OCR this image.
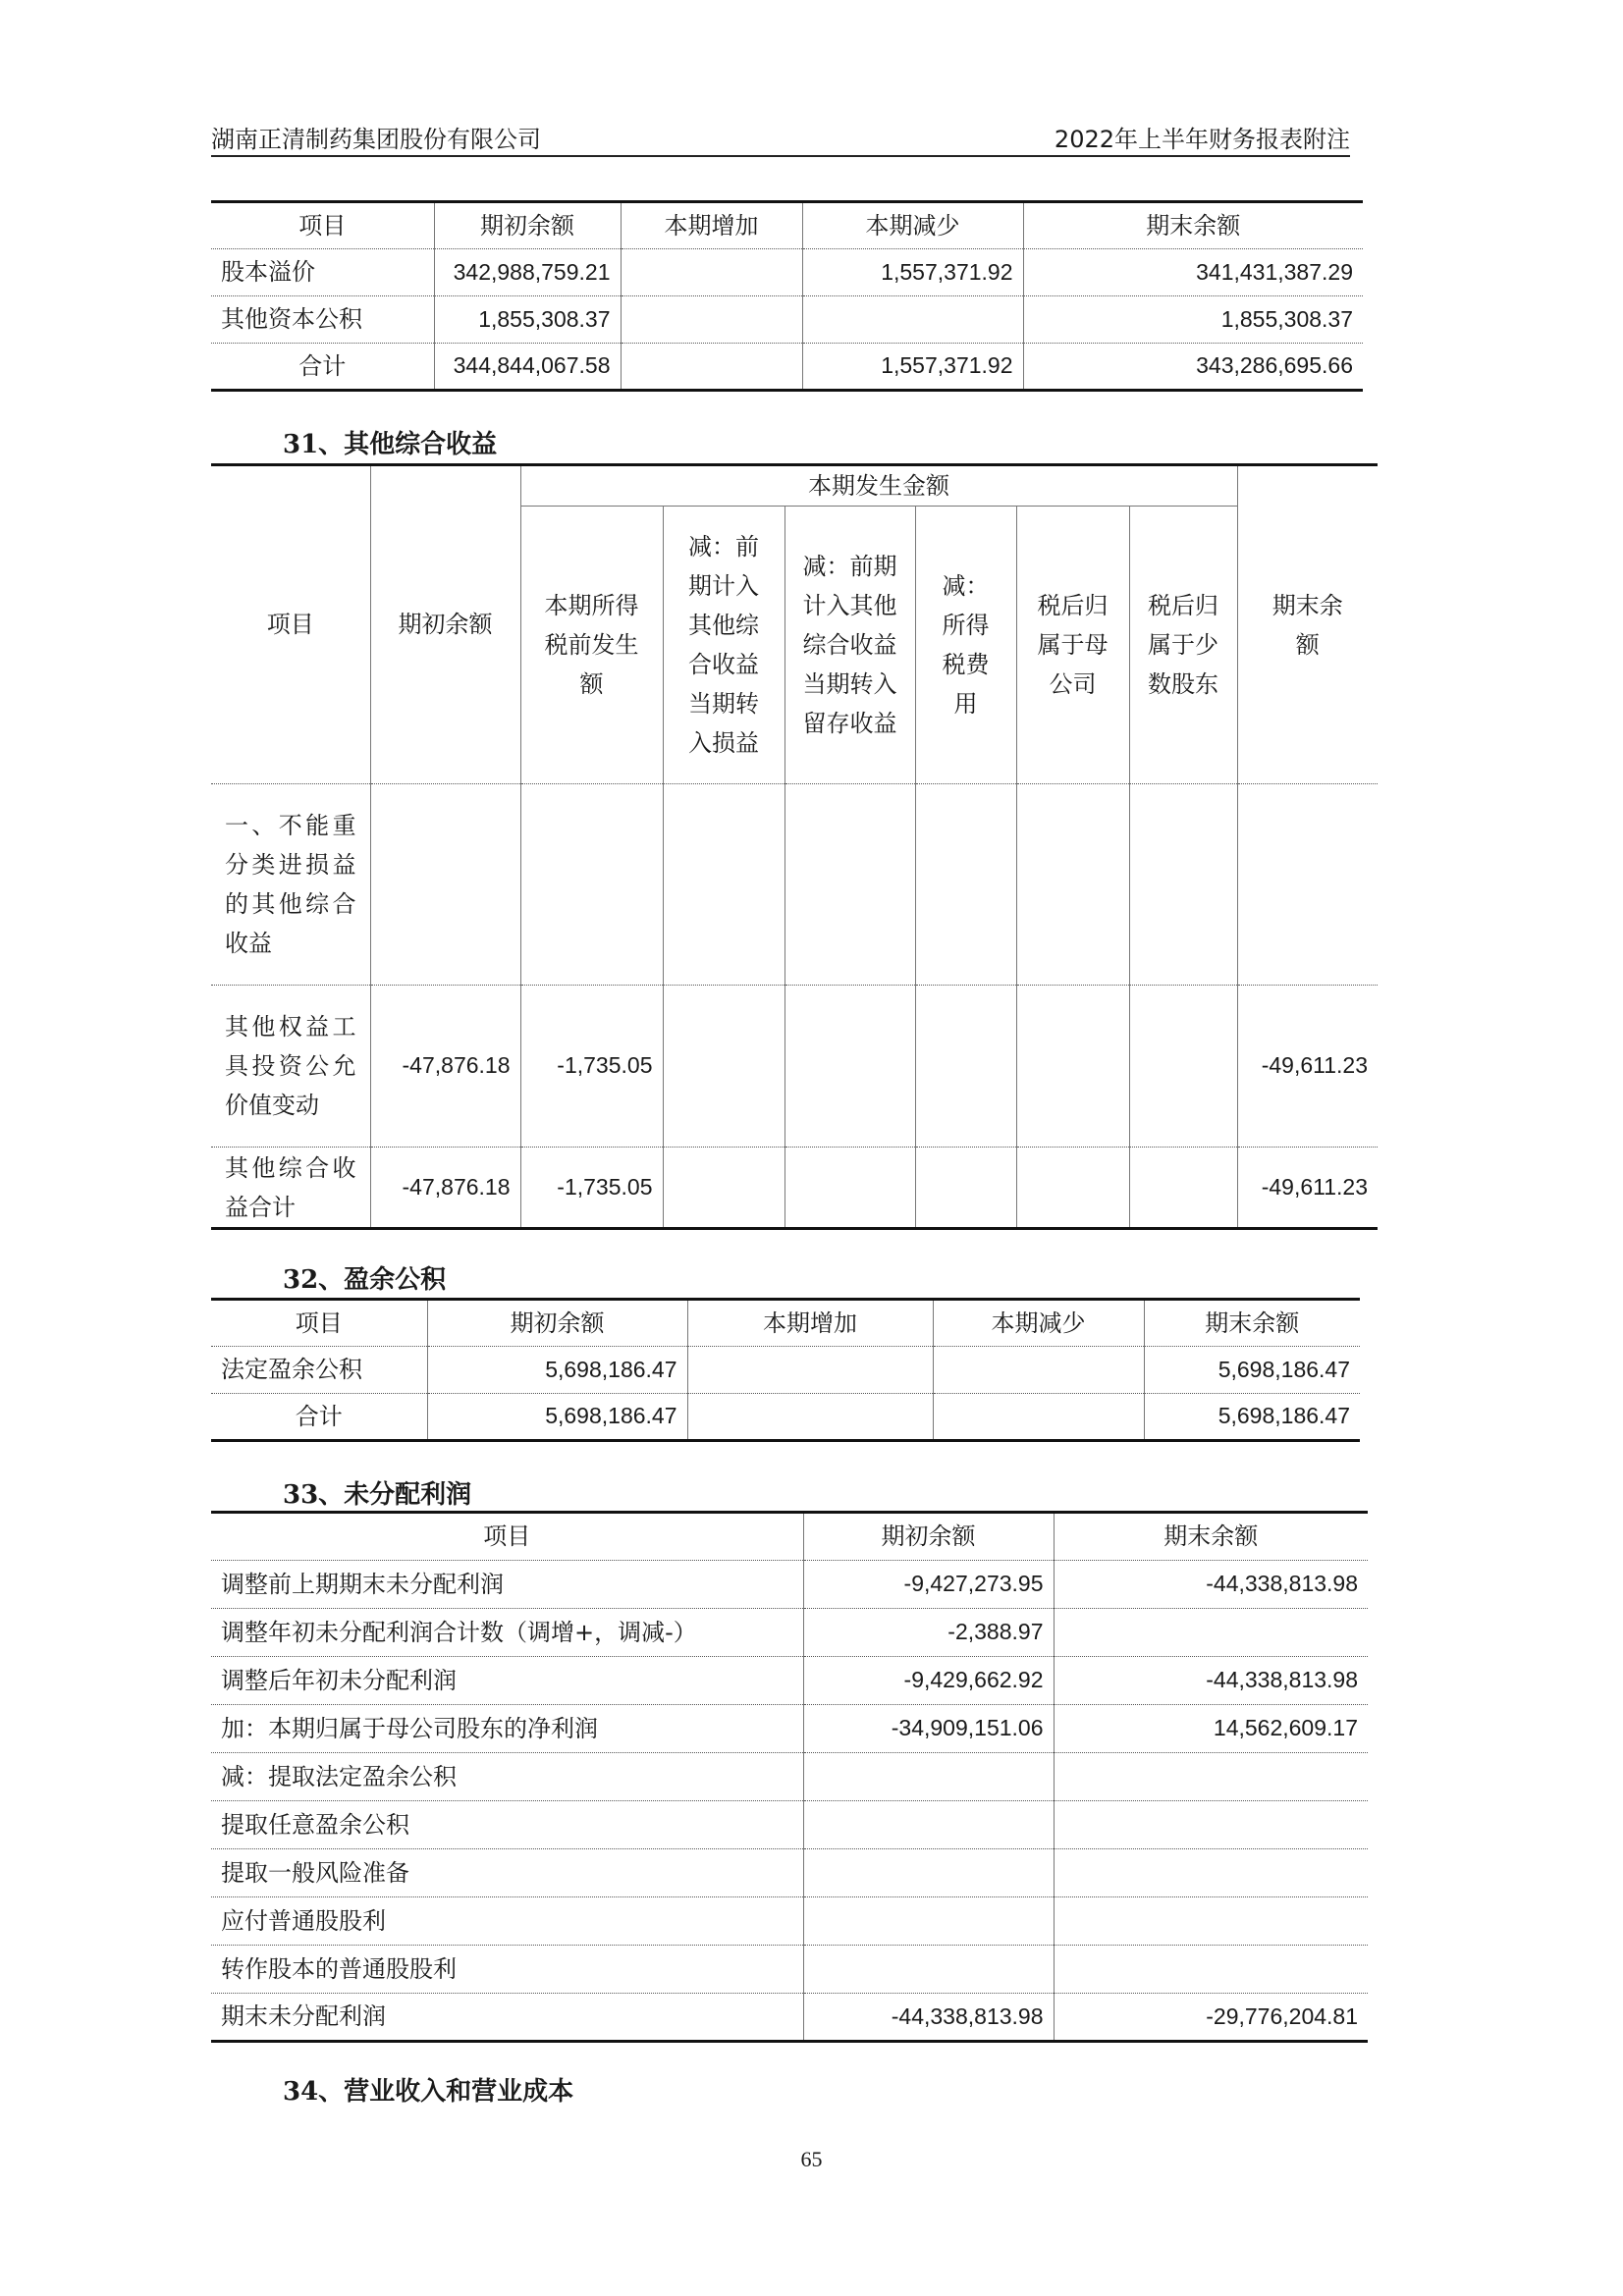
湖南正清制药集团股份有限公司	2022年上半年财务报表附注
项目	期初余额	本期增加	本期减少	期末余额
股本溢价	342,988,759.21		1,557,371.92	341,431,387.29
其他资本公积	1,855,308.37			1,855,308.37
合计	344,844,067.58		1,557,371.92	343,286,695.66
31、其他综合收益
项目	期初余额	本期发生金额						期末余额
		本期所得税前发生额	减：前期计入其他综合收益当期转入损益	减：前期计入其他综合收益当期转入留存收益	减：所得税费用	税后归属于母公司	税后归属于少数股东	
一、不能重分类进损益的其他综合收益								
其他权益工具投资公允价值变动	-47,876.18	-1,735.05						-49,611.23
其他综合收益合计	-47,876.18	-1,735.05						-49,611.23
32、盈余公积
项目	期初余额	本期增加	本期减少	期末余额
法定盈余公积	5,698,186.47			5,698,186.47
合计	5,698,186.47			5,698,186.47
33、未分配利润
项目	期初余额	期末余额
调整前上期期末未分配利润	-9,427,273.95	-44,338,813.98
调整年初未分配利润合计数（调增+，调减-）	-2,388.97	
调整后年初未分配利润	-9,429,662.92	-44,338,813.98
加：本期归属于母公司股东的净利润	-34,909,151.06	14,562,609.17
减：提取法定盈余公积		
提取任意盈余公积		
提取一般风险准备		
应付普通股股利		
转作股本的普通股股利		
期末未分配利润	-44,338,813.98	-29,776,204.81
34、营业收入和营业成本
65
